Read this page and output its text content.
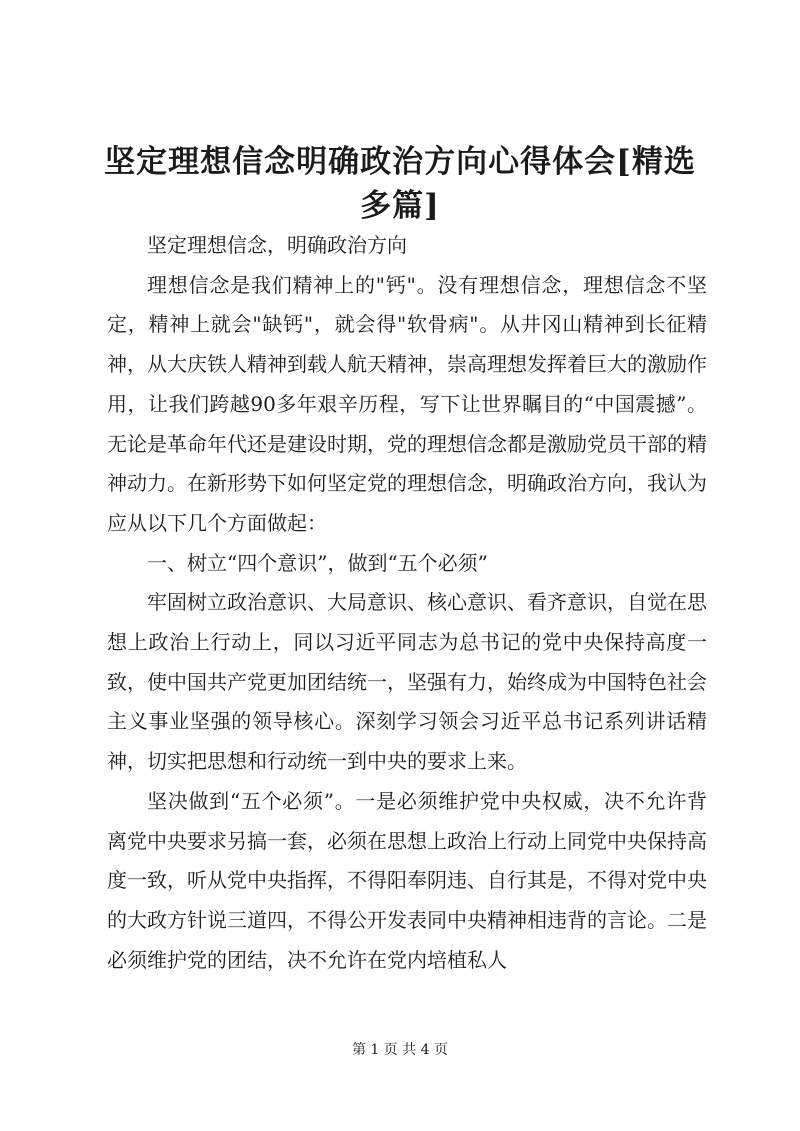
坚定理想信念明确政治方向心得体会[精选多篇]

坚定理想信念，明确政治方向

理想信念是我们精神上的"钙"。没有理想信念，理想信念不坚定，精神上就会"缺钙"，就会得"软骨病"。从井冈山精神到长征精神，从大庆铁人精神到载人航天精神，崇高理想发挥着巨大的激励作用，让我们跨越90多年艰辛历程，写下让世界瞩目的“中国震撼”。无论是革命年代还是建设时期，党的理想信念都是激励党员干部的精神动力。在新形势下如何坚定党的理想信念，明确政治方向，我认为应从以下几个方面做起：

一、树立“四个意识”，做到“五个必须”

牢固树立政治意识、大局意识、核心意识、看齐意识，自觉在思想上政治上行动上，同以习近平同志为总书记的党中央保持高度一致，使中国共产党更加团结统一，坚强有力，始终成为中国特色社会主义事业坚强的领导核心。深刻学习领会习近平总书记系列讲话精神，切实把思想和行动统一到中央的要求上来。

坚决做到“五个必须”。一是必须维护党中央权威，决不允许背离党中央要求另搞一套，必须在思想上政治上行动上同党中央保持高度一致，听从党中央指挥，不得阳奉阴违、自行其是，不得对党中央的大政方针说三道四，不得公开发表同中央精神相违背的言论。二是必须维护党的团结，决不允许在党内培植私人

第 1 页 共 4 页
